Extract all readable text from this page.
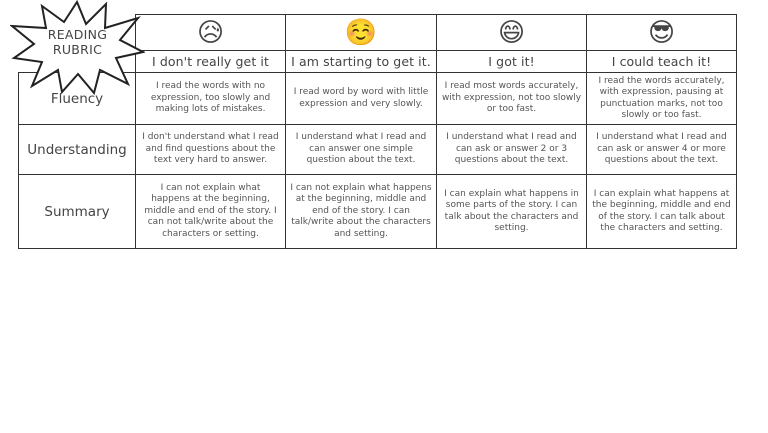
	😥	☺️	😄	😎
	I don't really get it	I am starting to get it.	I got it!	I could teach it!
Fluency	I read the words with no expression, too slowly and making lots of mistakes.	I read word by word with little expression and very slowly.	I read most words accurately, with expression, not too slowly or too fast.	I read the words accurately, with expression, pausing at punctuation marks, not too slowly or too fast.
Understanding	I don't understand what I read and find questions about the text very hard to answer.	I understand what I read and can answer one simple question about the text.	I understand what I read and can ask or answer 2 or 3 questions about the text.	I understand what I read and can ask or answer 4 or more questions about the text.
Summary	I can not explain what happens at the beginning, middle and end of the story. I can not talk/write about the characters or setting.	I can not explain what happens at the beginning, middle and end of the story. I can talk/write about the characters and setting.	I can explain what happens in some parts of the story. I can talk about the characters and setting.	I can explain what happens at the beginning, middle and end of the story. I can talk about the characters and setting.
READING
RUBRIC
